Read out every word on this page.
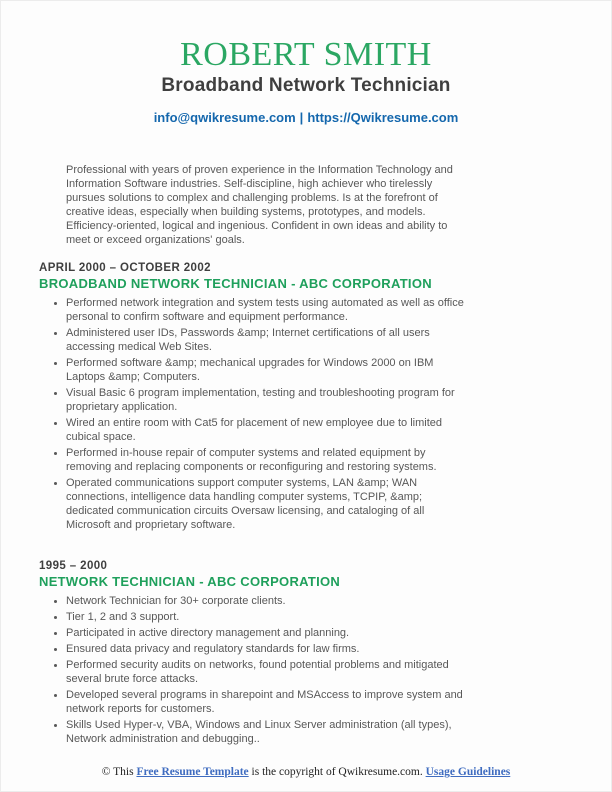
ROBERT SMITH
Broadband Network Technician
info@qwikresume.com | https://Qwikresume.com
Professional with years of proven experience in the Information Technology and Information Software industries. Self-discipline, high achiever who tirelessly pursues solutions to complex and challenging problems. Is at the forefront of creative ideas, especially when building systems, prototypes, and models. Efficiency-oriented, logical and ingenious. Confident in own ideas and ability to meet or exceed organizations' goals.
APRIL 2000 – OCTOBER 2002
BROADBAND NETWORK TECHNICIAN - ABC CORPORATION
• Performed network integration and system tests using automated as well as office personal to confirm software and equipment performance.
• Administered user IDs, Passwords &amp; Internet certifications of all users accessing medical Web Sites.
• Performed software &amp; mechanical upgrades for Windows 2000 on IBM Laptops &amp; Computers.
• Visual Basic 6 program implementation, testing and troubleshooting program for proprietary application.
• Wired an entire room with Cat5 for placement of new employee due to limited cubical space.
• Performed in-house repair of computer systems and related equipment by removing and replacing components or reconfiguring and restoring systems.
• Operated communications support computer systems, LAN &amp; WAN connections, intelligence data handling computer systems, TCPIP, &amp; dedicated communication circuits Oversaw licensing, and cataloging of all Microsoft and proprietary software.
1995 – 2000
NETWORK TECHNICIAN - ABC CORPORATION
• Network Technician for 30+ corporate clients.
• Tier 1, 2 and 3 support.
• Participated in active directory management and planning.
• Ensured data privacy and regulatory standards for law firms.
• Performed security audits on networks, found potential problems and mitigated several brute force attacks.
• Developed several programs in sharepoint and MSAccess to improve system and network reports for customers.
• Skills Used Hyper-v, VBA, Windows and Linux Server administration (all types), Network administration and debugging..
© This Free Resume Template is the copyright of Qwikresume.com. Usage Guidelines
